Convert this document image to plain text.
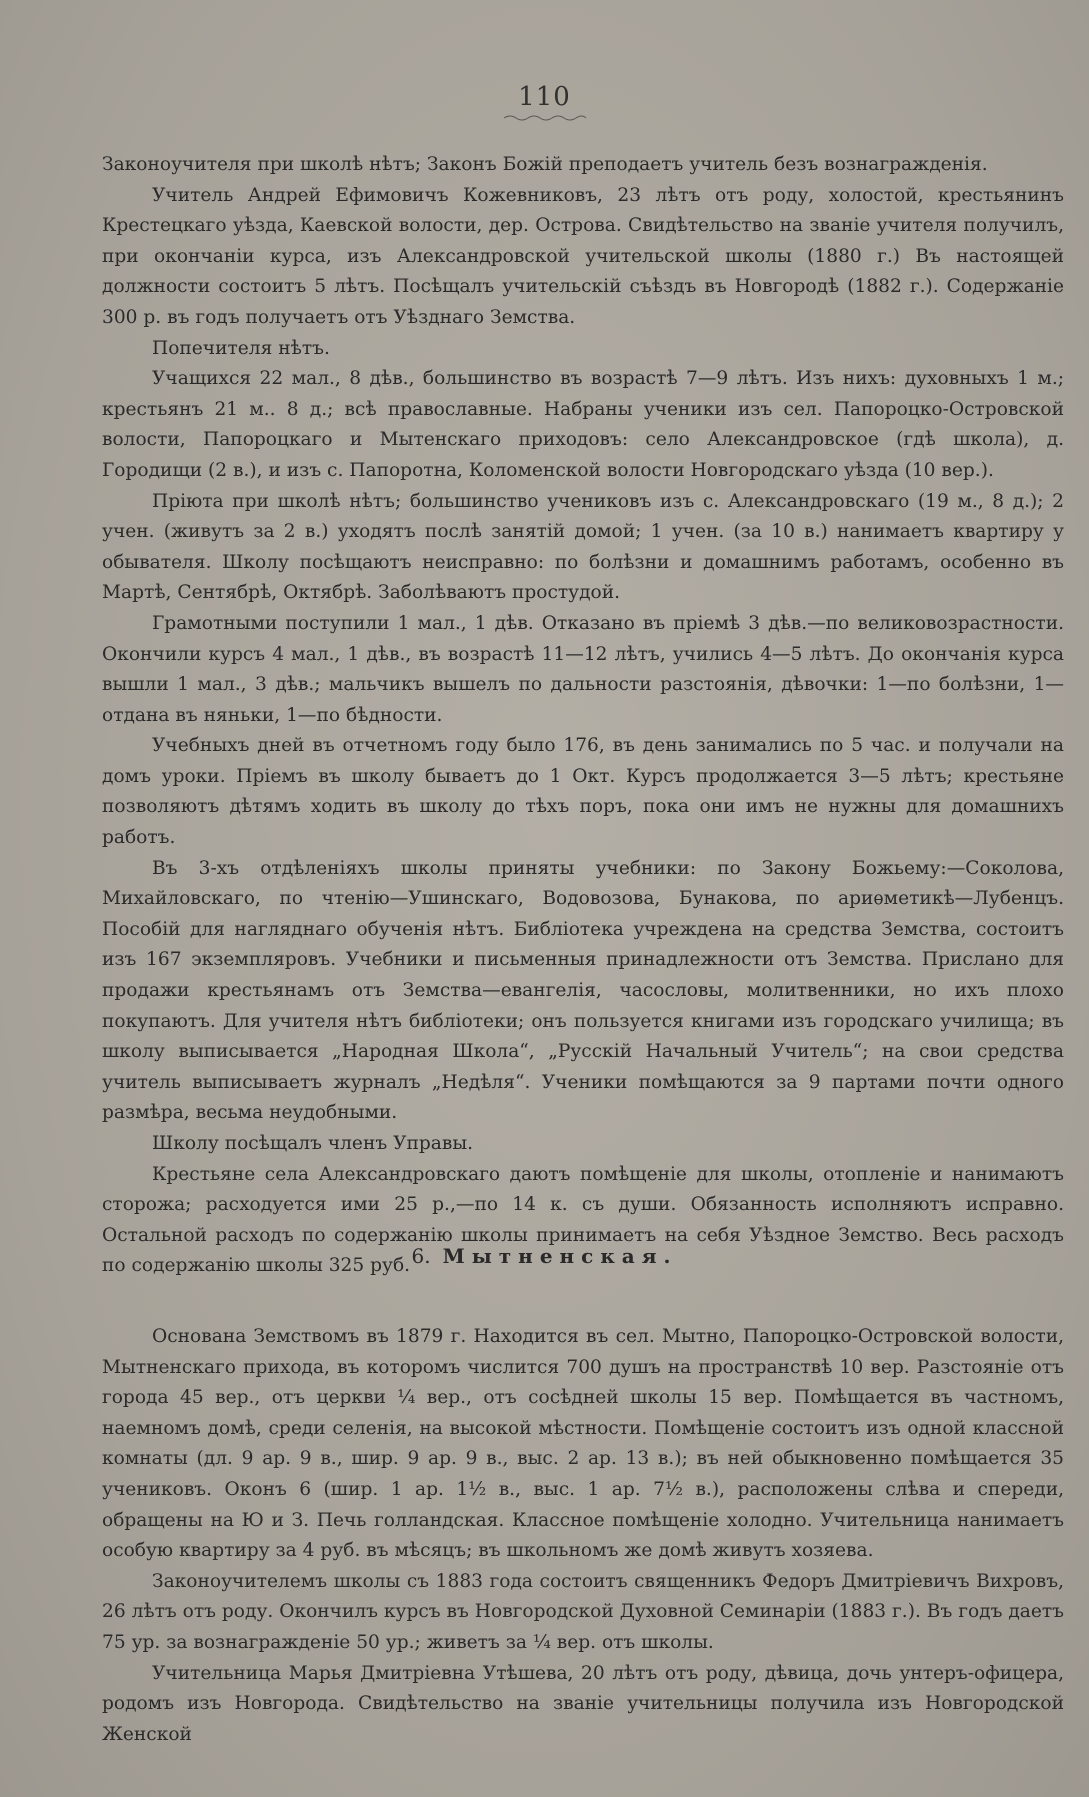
110

Законоучителя при школѣ нѣтъ; Законъ Божій преподаетъ учитель безъ вознагражденія.

Учитель Андрей Ефимовичъ Кожевниковъ, 23 лѣтъ отъ роду, холостой, крестьянинъ Крестецкаго уѣзда, Каевской волости, дер. Острова. Свидѣтельство на званіе учителя получилъ, при окончаніи курса, изъ Александровской учительской школы (1880 г.) Въ настоящей должности состоитъ 5 лѣтъ. Посѣщалъ учительскій съѣздъ въ Новгородѣ (1882 г.). Содержаніе 300 р. въ годъ получаетъ отъ Уѣзднаго Земства.

Попечителя нѣтъ.

Учащихся 22 мал., 8 дѣв., большинство въ возрастѣ 7—9 лѣтъ. Изъ нихъ: духовныхъ 1 м.; крестьянъ 21 м.. 8 д.; всѣ православные. Набраны ученики изъ сел. Папороцко-Островской волости, Папороцкаго и Мытенскаго приходовъ: село Александровское (гдѣ школа), д. Городищи (2 в.), и изъ с. Папоротна, Коломенской волости Новгородскаго уѣзда (10 вер.).

Пріюта при школѣ нѣтъ; большинство учениковъ изъ с. Александровскаго (19 м., 8 д.); 2 учен. (живутъ за 2 в.) уходятъ послѣ занятій домой; 1 учен. (за 10 в.) нанимаетъ квартиру у обывателя. Школу посѣщаютъ неисправно: по болѣзни и домашнимъ работамъ, особенно въ Мартѣ, Сентябрѣ, Октябрѣ. Заболѣваютъ простудой.

Грамотными поступили 1 мал., 1 дѣв. Отказано въ пріемѣ 3 дѣв.—по великовозрастности. Окончили курсъ 4 мал., 1 дѣв., въ возрастѣ 11—12 лѣтъ, учились 4—5 лѣтъ. До окончанія курса вышли 1 мал., 3 дѣв.; мальчикъ вышелъ по дальности разстоянія, дѣвочки: 1—по болѣзни, 1—отдана въ няньки, 1—по бѣдности.

Учебныхъ дней въ отчетномъ году было 176, въ день занимались по 5 час. и получали на домъ уроки. Пріемъ въ школу бываетъ до 1 Окт. Курсъ продолжается 3—5 лѣтъ; крестьяне позволяютъ дѣтямъ ходить въ школу до тѣхъ поръ, пока они имъ не нужны для домашнихъ работъ.

Въ 3-хъ отдѣленіяхъ школы приняты учебники: по Закону Божьему:—Соколова, Михайловскаго, по чтенію—Ушинскаго, Водовозова, Бунакова, по ариѳметикѣ—Лубенцъ. Пособій для нагляднаго обученія нѣтъ. Библіотека учреждена на средства Земства, состоитъ изъ 167 экземпляровъ. Учебники и письменныя принадлежности отъ Земства. Прислано для продажи крестьянамъ отъ Земства—евангелія, часословы, молитвенники, но ихъ плохо покупаютъ. Для учителя нѣтъ библіотеки; онъ пользуется книгами изъ городскаго училища; въ школу выписывается „Народная Школа“, „Русскій Начальный Учитель“; на свои средства учитель выписываетъ журналъ „Недѣля“. Ученики помѣщаются за 9 партами почти одного размѣра, весьма неудобными.

Школу посѣщалъ членъ Управы.

Крестьяне села Александровскаго даютъ помѣщеніе для школы, отопленіе и нанимаютъ сторожа; расходуется ими 25 р.,—по 14 к. съ души. Обязанность исполняютъ исправно. Остальной расходъ по содержанію школы принимаетъ на себя Уѣздное Земство. Весь расходъ по содержанію школы 325 руб. 6. Мытненская.

Основана Земствомъ въ 1879 г. Находится въ сел. Мытно, Папороцко-Островской волости, Мытненскаго прихода, въ которомъ числится 700 душъ на пространствѣ 10 вер. Разстояніе отъ города 45 вер., отъ церкви ¼ вер., отъ сосѣдней школы 15 вер. Помѣщается въ частномъ, наемномъ домѣ, среди селенія, на высокой мѣстности. Помѣщеніе состоитъ изъ одной классной комнаты (дл. 9 ар. 9 в., шир. 9 ар. 9 в., выс. 2 ар. 13 в.); въ ней обыкновенно помѣщается 35 учениковъ. Оконъ 6 (шир. 1 ар. 1½ в., выс. 1 ар. 7½ в.), расположены слѣва и спереди, обращены на Ю и З. Печь голландская. Классное помѣщеніе холодно. Учительница нанимаетъ особую квартиру за 4 руб. въ мѣсяцъ; въ школьномъ же домѣ живутъ хозяева.

Законоучителемъ школы съ 1883 года состоитъ священникъ Федоръ Дмитріевичъ Вихровъ, 26 лѣтъ отъ роду. Окончилъ курсъ въ Новгородской Духовной Семинаріи (1883 г.). Въ годъ даетъ 75 ур. за вознагражденіе 50 ур.; живетъ за ¼ вер. отъ школы.

Учительница Марья Дмитріевна Утѣшева, 20 лѣтъ отъ роду, дѣвица, дочь унтеръ-офицера, родомъ изъ Новгорода. Свидѣтельство на званіе учительницы получила изъ Новгородской Женской
